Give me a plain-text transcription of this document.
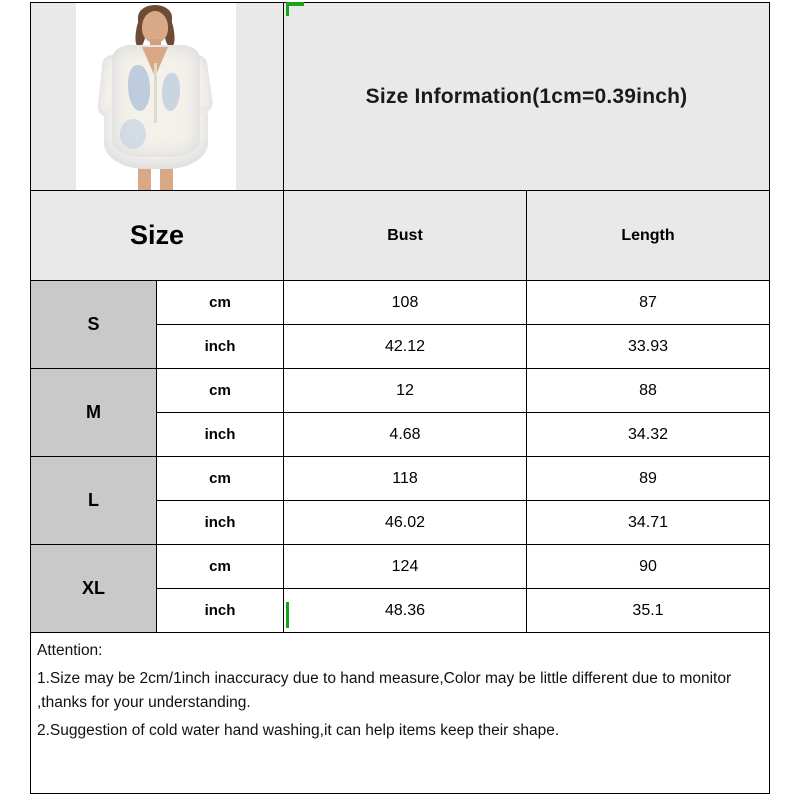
Size Information(1cm=0.39inch)
Size	Bust	Length
S
cm	108	87
inch	42.12	33.93
M
cm	12	88
inch	4.68	34.32
L
cm	118	89
inch	46.02	34.71
XL
cm	124	90
inch	48.36	35.1

Attention:

1.Size may be 2cm/1inch inaccuracy due to hand measure,Color may be little different due to monitor ,thanks for your understanding.

2.Suggestion of cold water hand washing,it can help items keep their shape.
